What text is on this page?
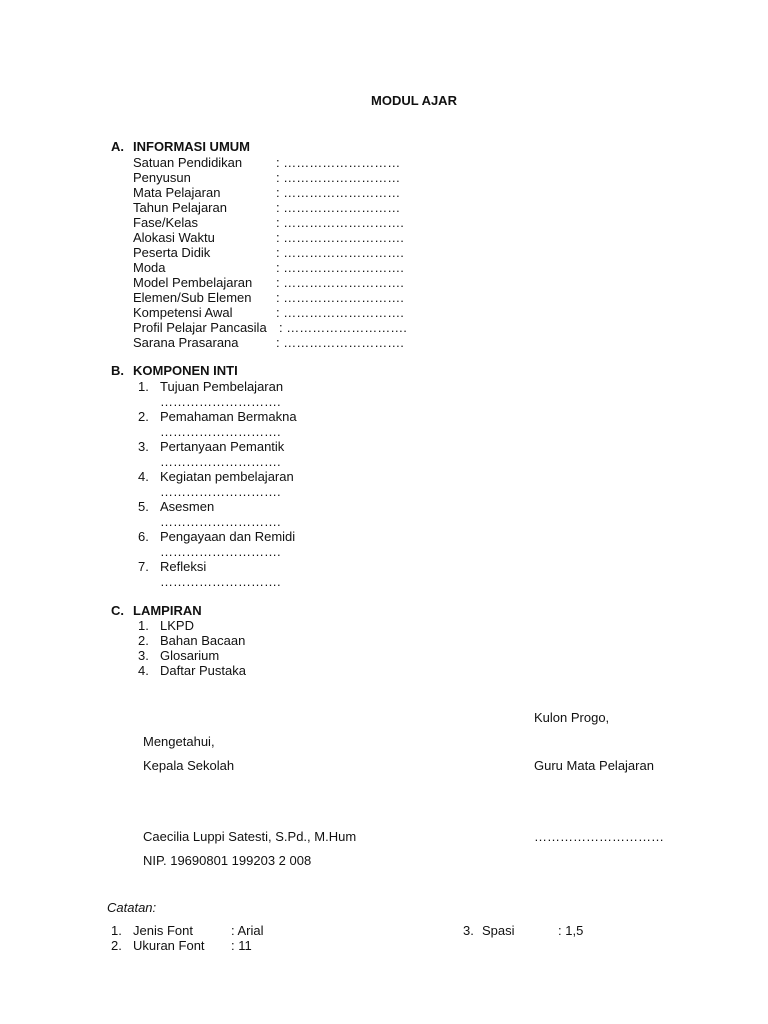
MODUL AJAR
A. INFORMASI UMUM
Satuan Pendidikan	: ………………………
Penyusun	: ………………………
Mata Pelajaran	: ………………………
Tahun Pelajaran	: ………………………
Fase/Kelas	: ……………………….
Alokasi Waktu	: ……………………….
Peserta Didik	: ……………………….
Moda	: ……………………….
Model Pembelajaran : ……………………….
Elemen/Sub Elemen : ……………………….
Kompetensi Awal	: ……………………….
Profil Pelajar Pancasila : ……………………….
Sarana Prasarana	: ……………………….
B. KOMPONEN INTI
1. Tujuan Pembelajaran
……………………….
2. Pemahaman Bermakna
……………………….
3. Pertanyaan Pemantik
……………………….
4. Kegiatan pembelajaran
……………………….
5. Asesmen
……………………….
6. Pengayaan dan Remidi
……………………….
7. Refleksi
……………………….
C. LAMPIRAN
1. LKPD
2. Bahan Bacaan
3. Glosarium
4. Daftar Pustaka
Kulon Progo,
Mengetahui,
Kepala Sekolah	Guru Mata Pelajaran
Caecilia Luppi Satesti, S.Pd., M.Hum	…………………………
NIP. 19690801 199203 2 008
Catatan:
1. Jenis Font	: Arial
2. Ukuran Font : 11
3. Spasi	: 1,5
